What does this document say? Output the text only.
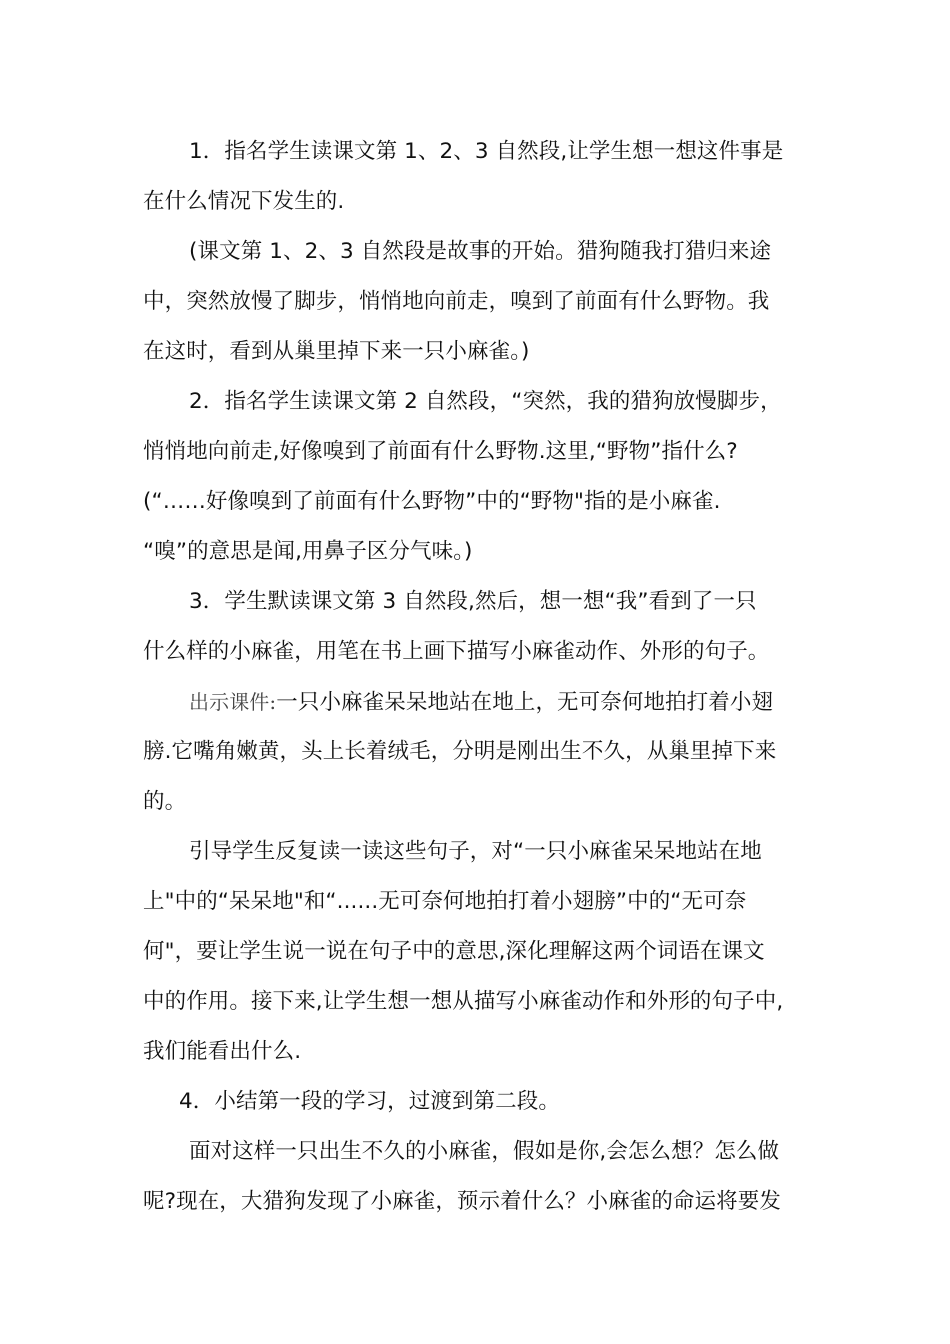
1．指名学生读课文第 1、2、3 自然段,让学生想一想这件事是
在什么情况下发生的.
(课文第 1、2、3 自然段是故事的开始。猎狗随我打猎归来途
中，突然放慢了脚步，悄悄地向前走，嗅到了前面有什么野物。我
在这时，看到从巢里掉下来一只小麻雀。)
2．指名学生读课文第 2 自然段，“突然，我的猎狗放慢脚步，
悄悄地向前走,好像嗅到了前面有什么野物.这里,“野物”指什么?
(“……好像嗅到了前面有什么野物”中的“野物"指的是小麻雀.
“嗅”的意思是闻,用鼻子区分气味。)
3．学生默读课文第 3 自然段,然后，想一想“我”看到了一只
什么样的小麻雀，用笔在书上画下描写小麻雀动作、外形的句子。
出示课件:一只小麻雀呆呆地站在地上，无可奈何地拍打着小翅
膀.它嘴角嫩黄，头上长着绒毛，分明是刚出生不久，从巢里掉下来
的。
引导学生反复读一读这些句子，对“一只小麻雀呆呆地站在地
上"中的“呆呆地"和“......无可奈何地拍打着小翅膀”中的“无可奈
何"，要让学生说一说在句子中的意思,深化理解这两个词语在课文
中的作用。接下来,让学生想一想从描写小麻雀动作和外形的句子中,
我们能看出什么.
4．小结第一段的学习，过渡到第二段。
面对这样一只出生不久的小麻雀，假如是你,会怎么想？怎么做
呢?现在，大猎狗发现了小麻雀，预示着什么？小麻雀的命运将要发
